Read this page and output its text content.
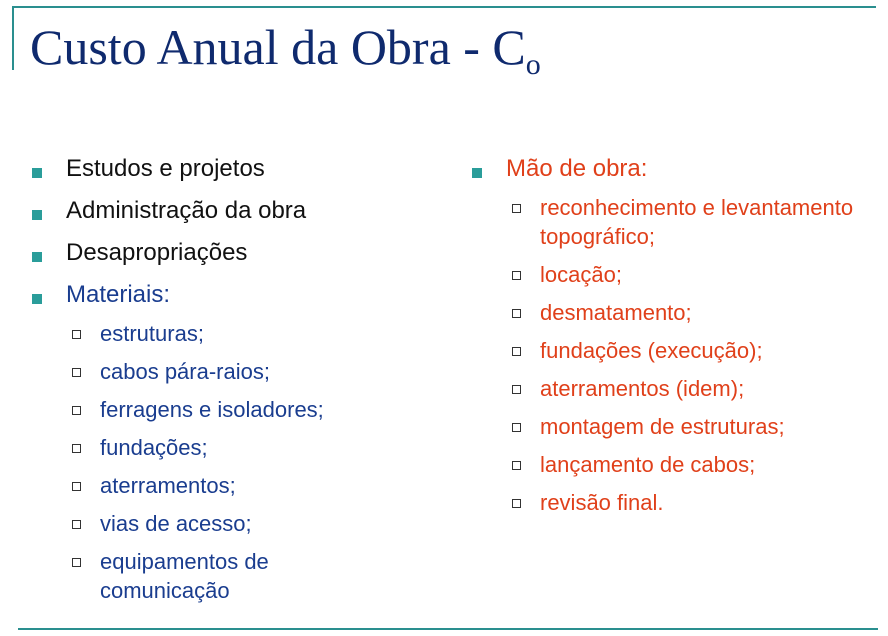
Custo Anual da Obra - $C_o$
Estudos e projetos
Administração da obra
Desapropriações
Materiais:
estruturas;
cabos pára-raios;
ferragens e isoladores;
fundações;
aterramentos;
vias de acesso;
equipamentos de comunicação
Mão de obra:
reconhecimento e levantamento topográfico;
locação;
desmatamento;
fundações (execução);
aterramentos (idem);
montagem de estruturas;
lançamento de cabos;
revisão final.
